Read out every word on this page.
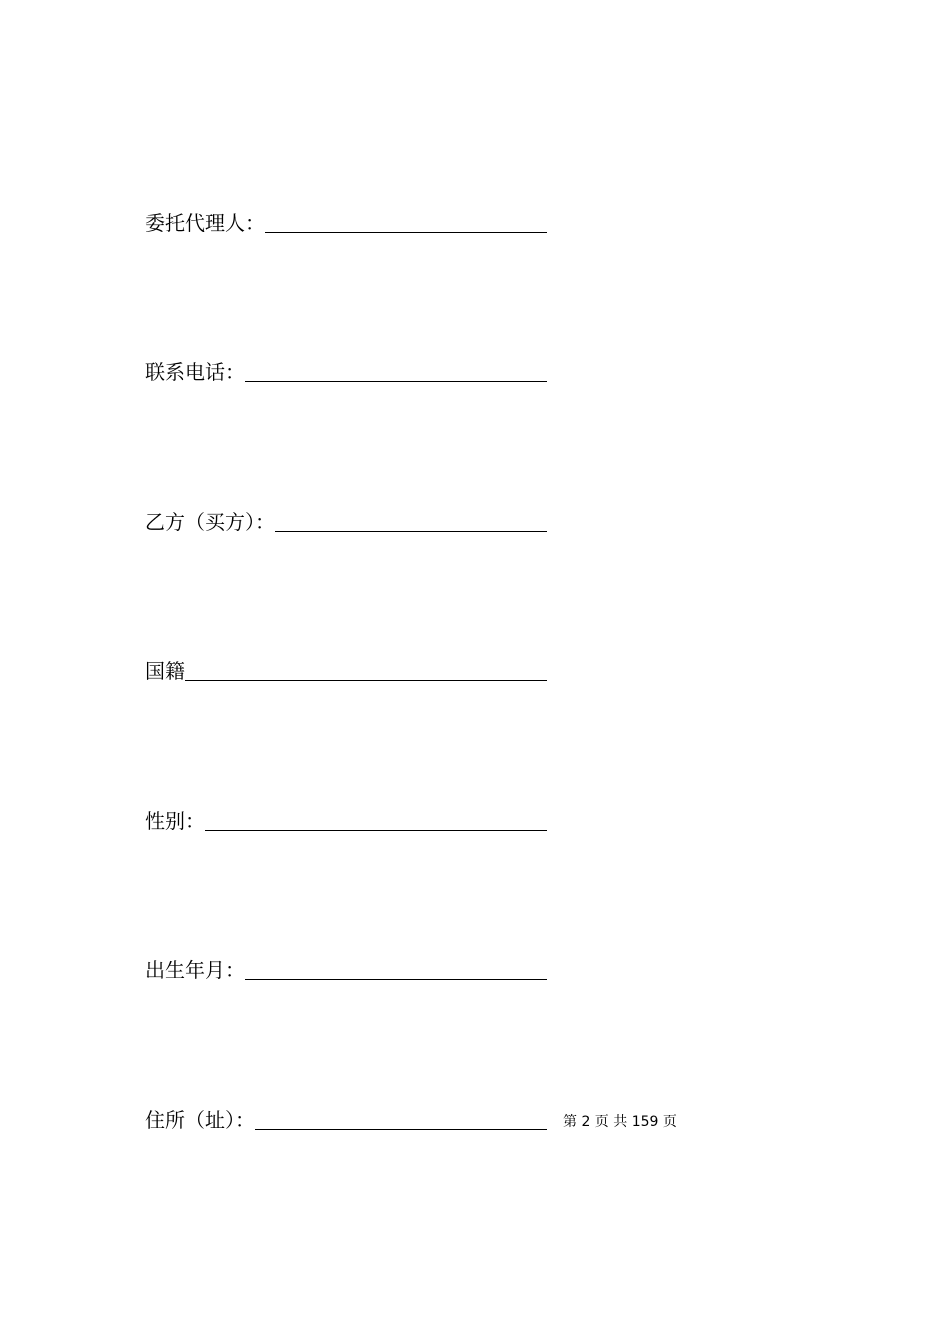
委托代理人：
联系电话：
乙方（买方）：
国籍
性别：
出生年月：
住所（址）：	第 2 页 共 159 页
